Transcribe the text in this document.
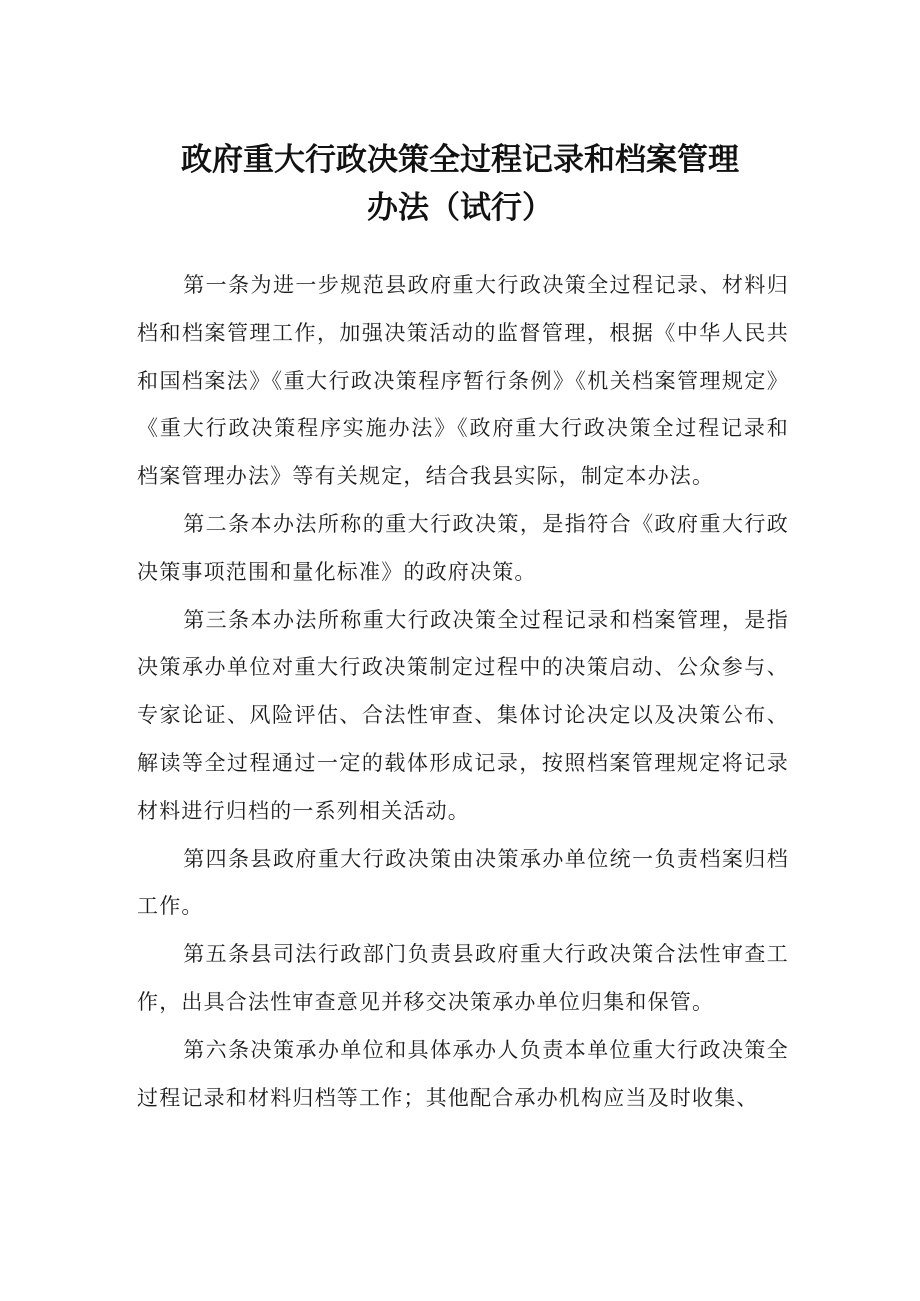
政府重大行政决策全过程记录和档案管理
办法（试行）

第一条为进一步规范县政府重大行政决策全过程记录、材料归档和档案管理工作，加强决策活动的监督管理，根据《中华人民共和国档案法》《重大行政决策程序暂行条例》《机关档案管理规定》《重大行政决策程序实施办法》《政府重大行政决策全过程记录和档案管理办法》等有关规定，结合我县实际，制定本办法。

第二条本办法所称的重大行政决策，是指符合《政府重大行政决策事项范围和量化标准》的政府决策。

第三条本办法所称重大行政决策全过程记录和档案管理，是指决策承办单位对重大行政决策制定过程中的决策启动、公众参与、专家论证、风险评估、合法性审查、集体讨论决定以及决策公布、解读等全过程通过一定的载体形成记录，按照档案管理规定将记录材料进行归档的一系列相关活动。

第四条县政府重大行政决策由决策承办单位统一负责档案归档工作。

第五条县司法行政部门负责县政府重大行政决策合法性审查工作，出具合法性审查意见并移交决策承办单位归集和保管。

第六条决策承办单位和具体承办人负责本单位重大行政决策全过程记录和材料归档等工作；其他配合承办机构应当及时收集、
